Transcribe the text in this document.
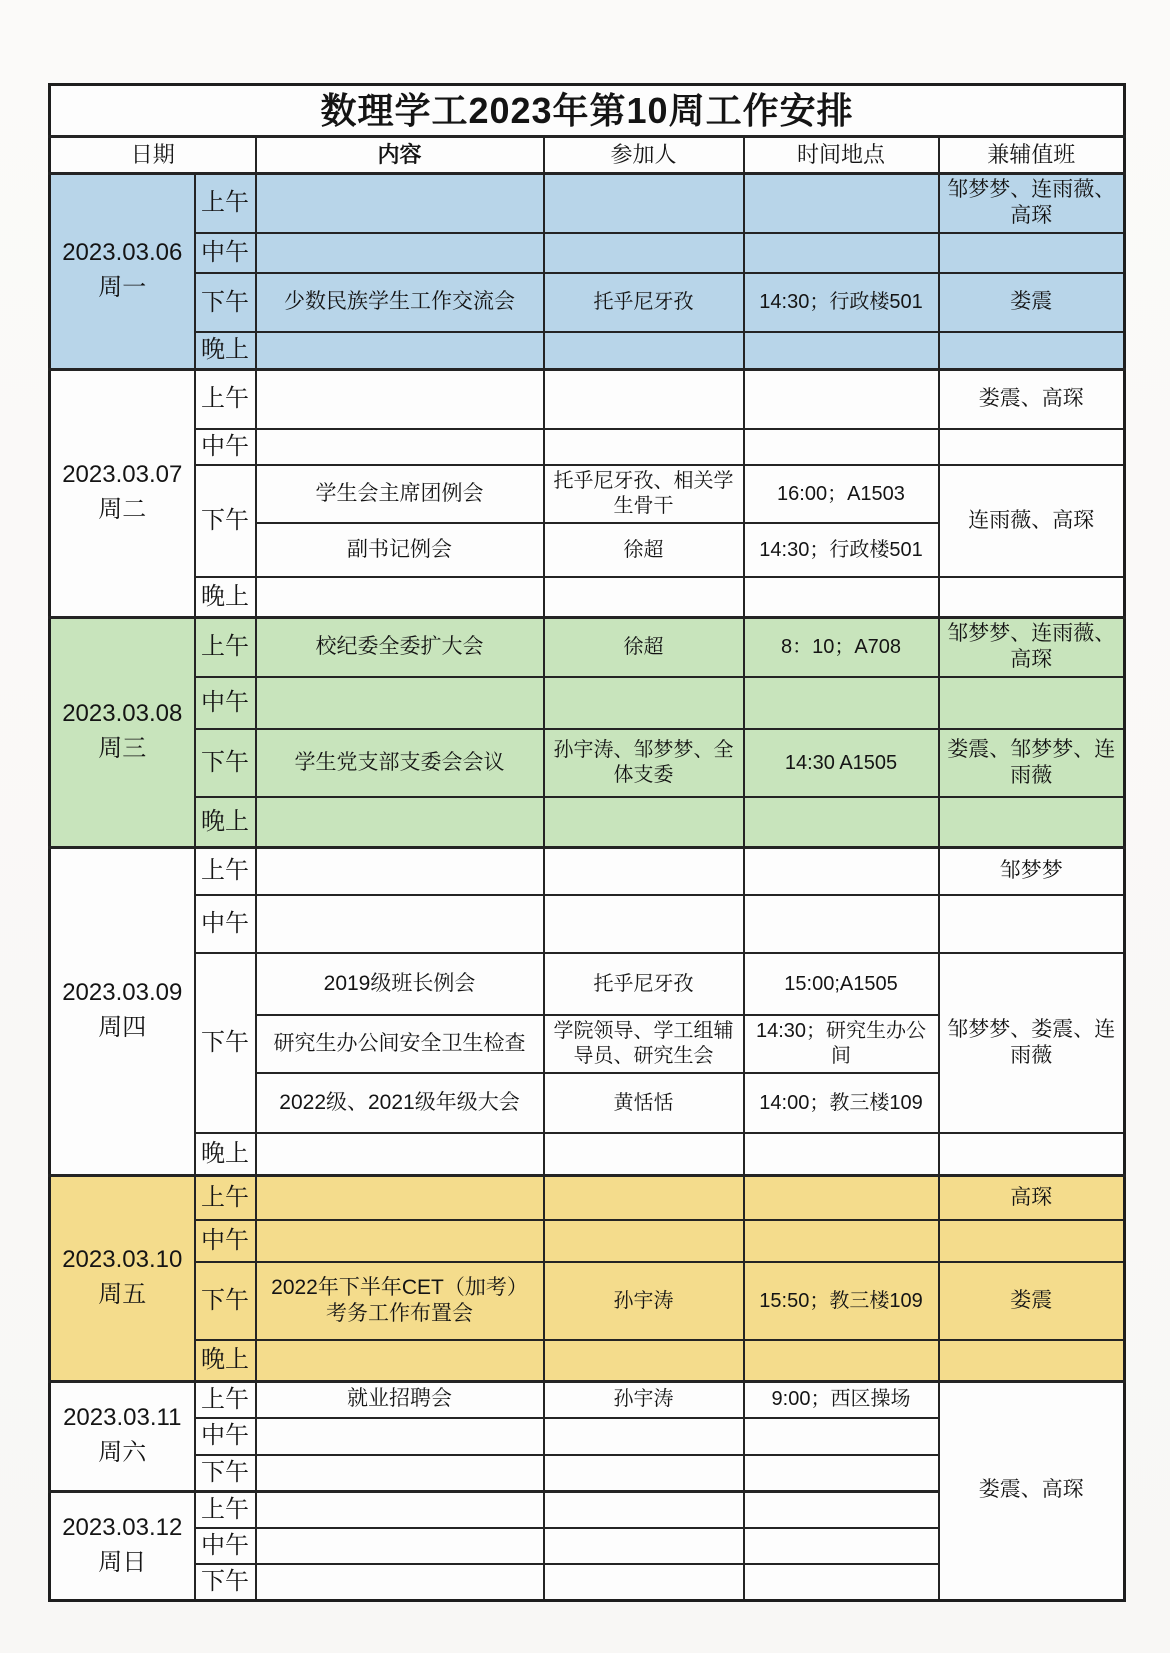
数理学工2023年第10周工作安排					
日期		内容	参加人	时间地点	兼辅值班
2023.03.06
周一	上午				邹梦梦、连雨薇、高琛
	中午				
	下午	少数民族学生工作交流会	托乎尼牙孜	14:30；行政楼501	娄震
	晚上				
2023.03.07
周二	上午				娄震、高琛
	中午				
	下午	学生会主席团例会	托乎尼牙孜、相关学生骨干	16:00；A1503	连雨薇、高琛
		副书记例会	徐超	14:30；行政楼501	
	晚上				
2023.03.08
周三	上午	校纪委全委扩大会	徐超	8：10；A708	邹梦梦、连雨薇、高琛
	中午				
	下午	学生党支部支委会会议	孙宇涛、邹梦梦、全体支委	14:30 A1505	娄震、邹梦梦、连雨薇
	晚上				
2023.03.09
周四	上午				邹梦梦
	中午				
	下午	2019级班长例会	托乎尼牙孜	15:00;A1505	邹梦梦、娄震、连雨薇
		研究生办公间安全卫生检查	学院领导、学工组辅导员、研究生会	14:30；研究生办公间	
		2022级、2021级年级大会	黄恬恬	14:00；教三楼109	
	晚上				
2023.03.10
周五	上午				高琛
	中午				
	下午	2022年下半年CET（加考）考务工作布置会	孙宇涛	15:50；教三楼109	娄震
	晚上				
2023.03.11
周六	上午	就业招聘会	孙宇涛	9:00；西区操场	娄震、高琛
	中午				
	下午				
2023.03.12
周日	上午				
	中午				
	下午				
